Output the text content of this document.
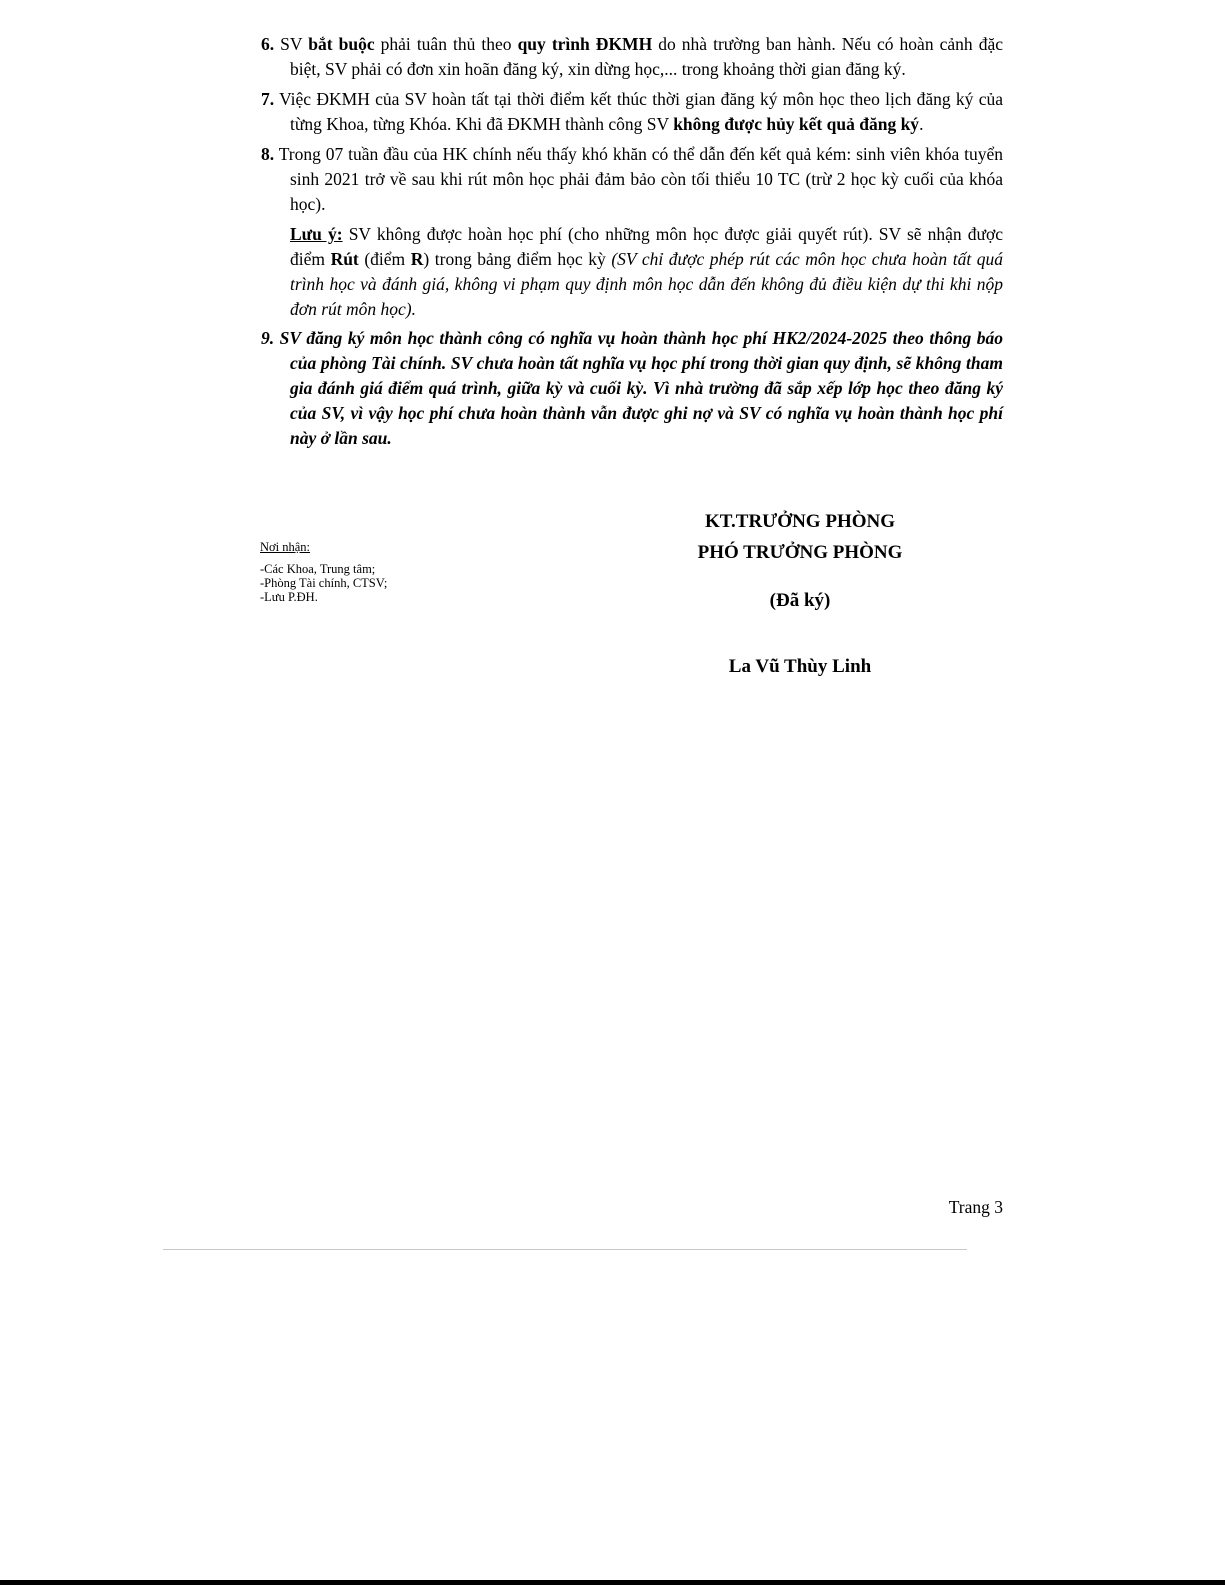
6. SV bắt buộc phải tuân thủ theo quy trình ĐKMH do nhà trường ban hành. Nếu có hoàn cảnh đặc biệt, SV phải có đơn xin hoãn đăng ký, xin dừng học,... trong khoảng thời gian đăng ký.
7. Việc ĐKMH của SV hoàn tất tại thời điểm kết thúc thời gian đăng ký môn học theo lịch đăng ký của từng Khoa, từng Khóa. Khi đã ĐKMH thành công SV không được hủy kết quả đăng ký.
8. Trong 07 tuần đầu của HK chính nếu thấy khó khăn có thể dẫn đến kết quả kém: sinh viên khóa tuyển sinh 2021 trở về sau khi rút môn học phải đảm bảo còn tối thiểu 10 TC (trừ 2 học kỳ cuối của khóa học).
Lưu ý: SV không được hoàn học phí (cho những môn học được giải quyết rút). SV sẽ nhận được điểm Rút (điểm R) trong bảng điểm học kỳ (SV chỉ được phép rút các môn học chưa hoàn tất quá trình học và đánh giá, không vi phạm quy định môn học dẫn đến không đủ điều kiện dự thi khi nộp đơn rút môn học).
9. SV đăng ký môn học thành công có nghĩa vụ hoàn thành học phí HK2/2024-2025 theo thông báo của phòng Tài chính. SV chưa hoàn tất nghĩa vụ học phí trong thời gian quy định, sẽ không tham gia đánh giá điểm quá trình, giữa kỳ và cuối kỳ. Vì nhà trường đã sắp xếp lớp học theo đăng ký của SV, vì vậy học phí chưa hoàn thành vẫn được ghi nợ và SV có nghĩa vụ hoàn thành học phí này ở lần sau.
Nơi nhận:
-Các Khoa, Trung tâm;
-Phòng Tài chính, CTSV;
-Lưu P.ĐH.
KT.TRƯỞNG PHÒNG
PHÓ TRƯỞNG PHÒNG
(Đã ký)
La Vũ Thùy Linh
Trang 3
